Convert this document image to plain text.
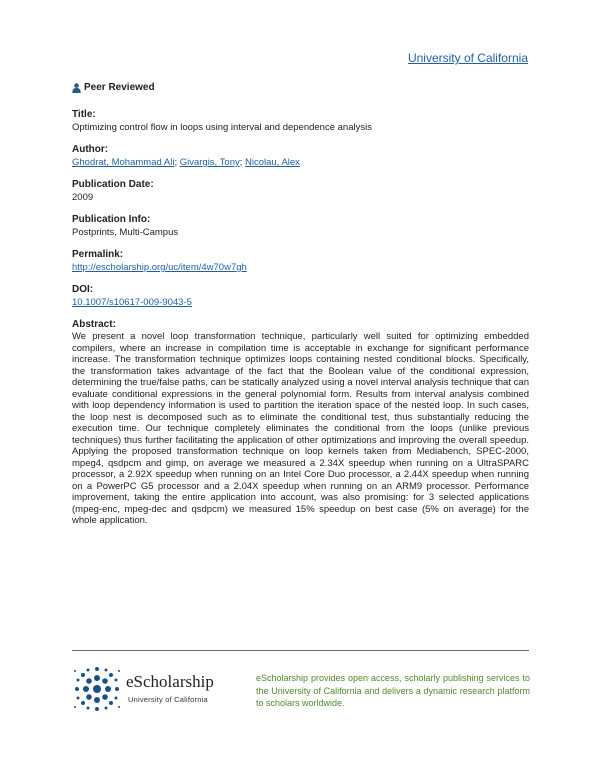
University of California
Peer Reviewed
Title:
Optimizing control flow in loops using interval and dependence analysis
Author:
Ghodrat, Mohammad Ali; Givargis, Tony; Nicolau, Alex
Publication Date:
2009
Publication Info:
Postprints, Multi-Campus
Permalink:
http://escholarship.org/uc/item/4w70w7gh
DOI:
10.1007/s10617-009-9043-5
Abstract:
We present a novel loop transformation technique, particularly well suited for optimizing embedded compilers, where an increase in compilation time is acceptable in exchange for significant performance increase. The transformation technique optimizes loops containing nested conditional blocks. Specifically, the transformation takes advantage of the fact that the Boolean value of the conditional expression, determining the true/false paths, can be statically analyzed using a novel interval analysis technique that can evaluate conditional expressions in the general polynomial form. Results from interval analysis combined with loop dependency information is used to partition the iteration space of the nested loop. In such cases, the loop nest is decomposed such as to eliminate the conditional test, thus substantially reducing the execution time. Our technique completely eliminates the conditional from the loops (unlike previous techniques) thus further facilitating the application of other optimizations and improving the overall speedup. Applying the proposed transformation technique on loop kernels taken from Mediabench, SPEC-2000, mpeg4, qsdpcm and gimp, on average we measured a 2.34X speedup when running on a UltraSPARC processor, a 2.92X speedup when running on an Intel Core Duo processor, a 2.44X speedup when running on a PowerPC G5 processor and a 2.04X speedup when running on an ARM9 processor. Performance improvement, taking the entire application into account, was also promising: for 3 selected applications (mpeg-enc, mpeg-dec and qsdpcm) we measured 15% speedup on best case (5% on average) for the whole application.
eScholarship
University of California
eScholarship provides open access, scholarly publishing services to the University of California and delivers a dynamic research platform to scholars worldwide.
